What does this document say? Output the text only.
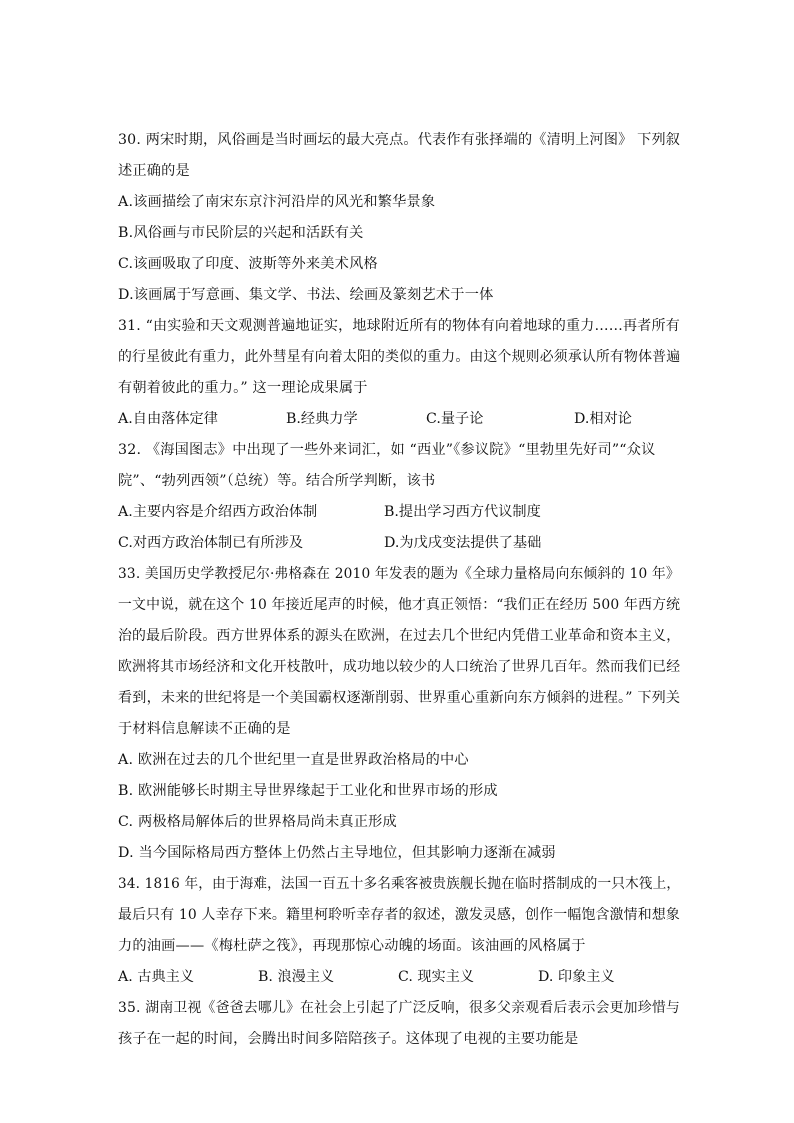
30. 两宋时期，风俗画是当时画坛的最大亮点。代表作有张择端的《清明上河图》 下列叙
述正确的是
A.该画描绘了南宋东京汴河沿岸的风光和繁华景象
B.风俗画与市民阶层的兴起和活跃有关
C.该画吸取了印度、波斯等外来美术风格
D.该画属于写意画、集文学、书法、绘画及篆刻艺术于一体
31. “由实验和天文观测普遍地证实，地球附近所有的物体有向着地球的重力……再者所有
的行星彼此有重力，此外彗星有向着太阳的类似的重力。由这个规则必须承认所有物体普遍
有朝着彼此的重力。” 这一理论成果属于
A.自由落体定律	B.经典力学	C.量子论	D.相对论
32. 《海国图志》中出现了一些外来词汇，如 “西业”《参议院》“里勃里先好司”“众议
院”、“勃列西领”（总统）等。结合所学判断，该书
A.主要内容是介绍西方政治体制	B.提出学习西方代议制度
C.对西方政治体制已有所涉及	D.为戊戌变法提供了基础
33. 美国历史学教授尼尔·弗格森在 2010 年发表的题为《全球力量格局向东倾斜的 10 年》
一文中说，就在这个 10 年接近尾声的时候，他才真正领悟：“我们正在经历 500 年西方统
治的最后阶段。西方世界体系的源头在欧洲，在过去几个世纪内凭借工业革命和资本主义，
欧洲将其市场经济和文化开枝散叶，成功地以较少的人口统治了世界几百年。然而我们已经
看到，未来的世纪将是一个美国霸权逐渐削弱、世界重心重新向东方倾斜的进程。” 下列关
于材料信息解读不正确的是
A. 欧洲在过去的几个世纪里一直是世界政治格局的中心
B. 欧洲能够长时期主导世界缘起于工业化和世界市场的形成
C. 两极格局解体后的世界格局尚未真正形成
D. 当今国际格局西方整体上仍然占主导地位，但其影响力逐渐在减弱
34. 1816 年，由于海难，法国一百五十多名乘客被贵族舰长抛在临时搭制成的一只木筏上，
最后只有 10 人幸存下来。籍里柯聆听幸存者的叙述，激发灵感，创作一幅饱含激情和想象
力的油画——《梅杜萨之筏》，再现那惊心动魄的场面。该油画的风格属于
A. 古典主义	B. 浪漫主义	C. 现实主义	D. 印象主义
35. 湖南卫视《爸爸去哪儿》在社会上引起了广泛反响，很多父亲观看后表示会更加珍惜与
孩子在一起的时间，会腾出时间多陪陪孩子。这体现了电视的主要功能是
